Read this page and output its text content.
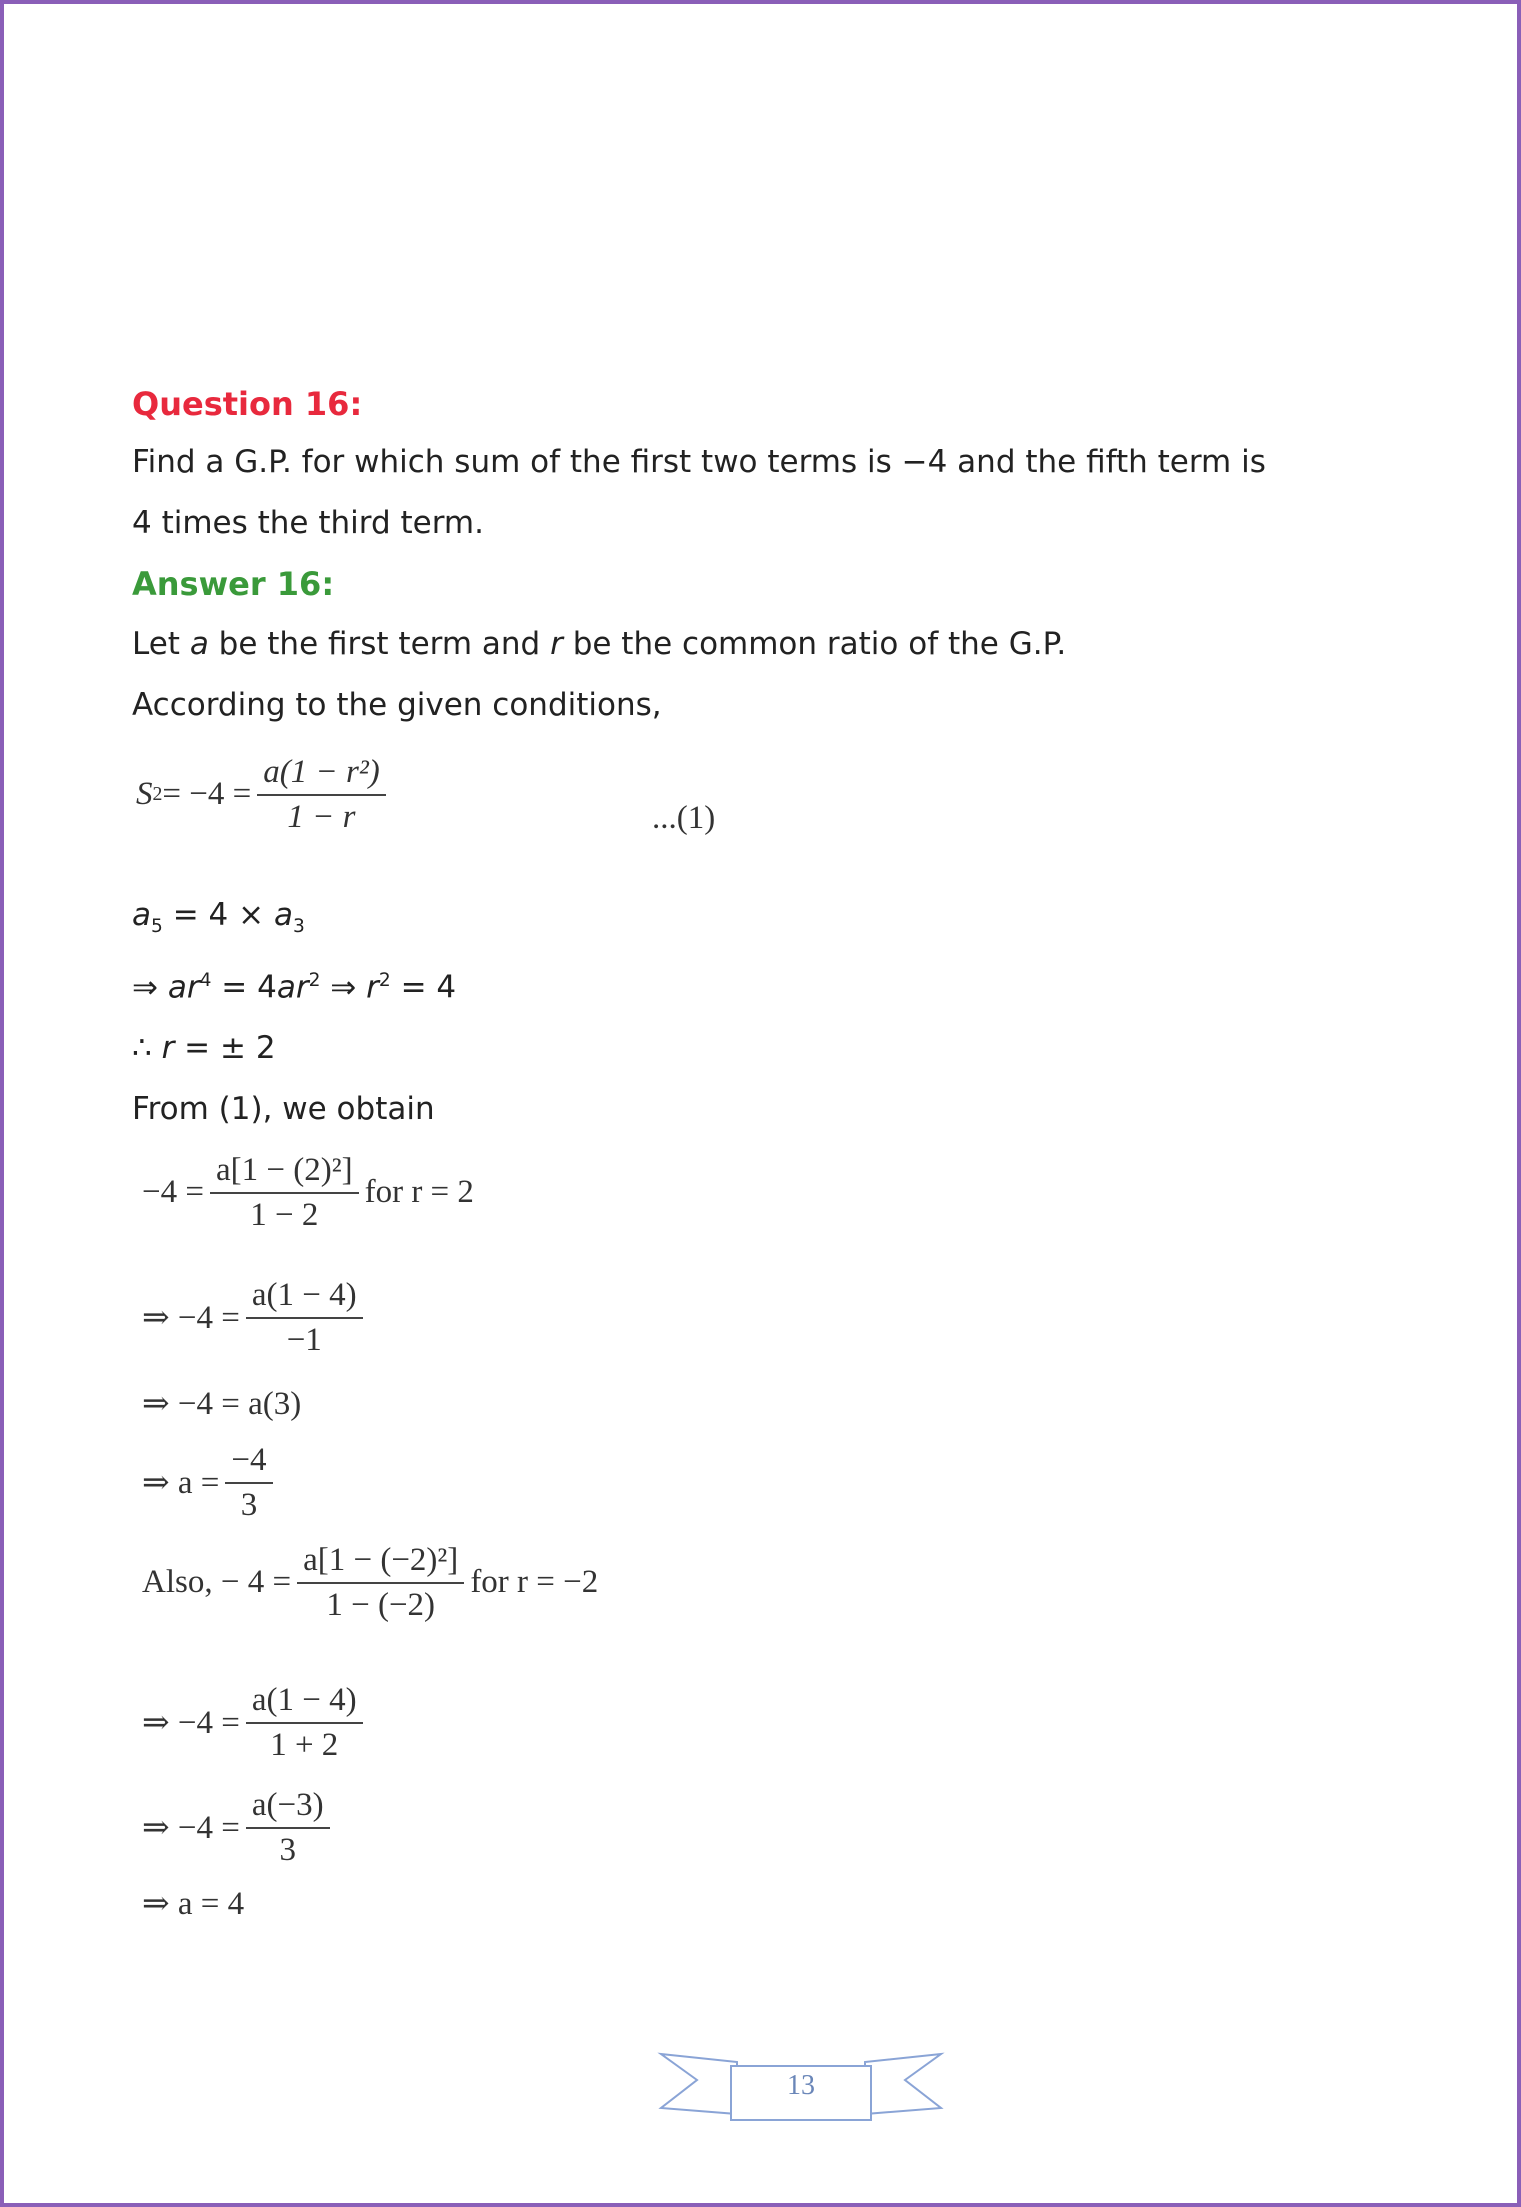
Question 16:
Find a G.P. for which sum of the first two terms is −4 and the fifth term is
4 times the third term.
Answer 16:
Let a be the first term and r be the common ratio of the G.P.
According to the given conditions,
S $2 = -4 = \frac{\text{a(1 − r²)}}{1 - r}$	...(1)
$a_5 = 4 \times a_3$
⇒ $ar^4 = 4ar^2$ ⇒ $r^2 = 4$
∴ r = ± 2
From (1), we obtain
$-4 = \frac{\text{a[1 − (2)²]}}{1 - 2}$ for r = 2
⇒ $-4 = \frac{a(1 - 4)}{-1}$
⇒ −4 = a(3)
⇒ $a = \frac{-4}{3}$
Also, − $4 = \frac{\text{a[1 − (−2)²]}}{1 - (-2)}$ for r = −2
⇒ $-4 = \frac{a(1 - 4)}{1 + 2}$
⇒ $-4 = \frac{a(-3)}{3}$
⇒ a = 4
13
